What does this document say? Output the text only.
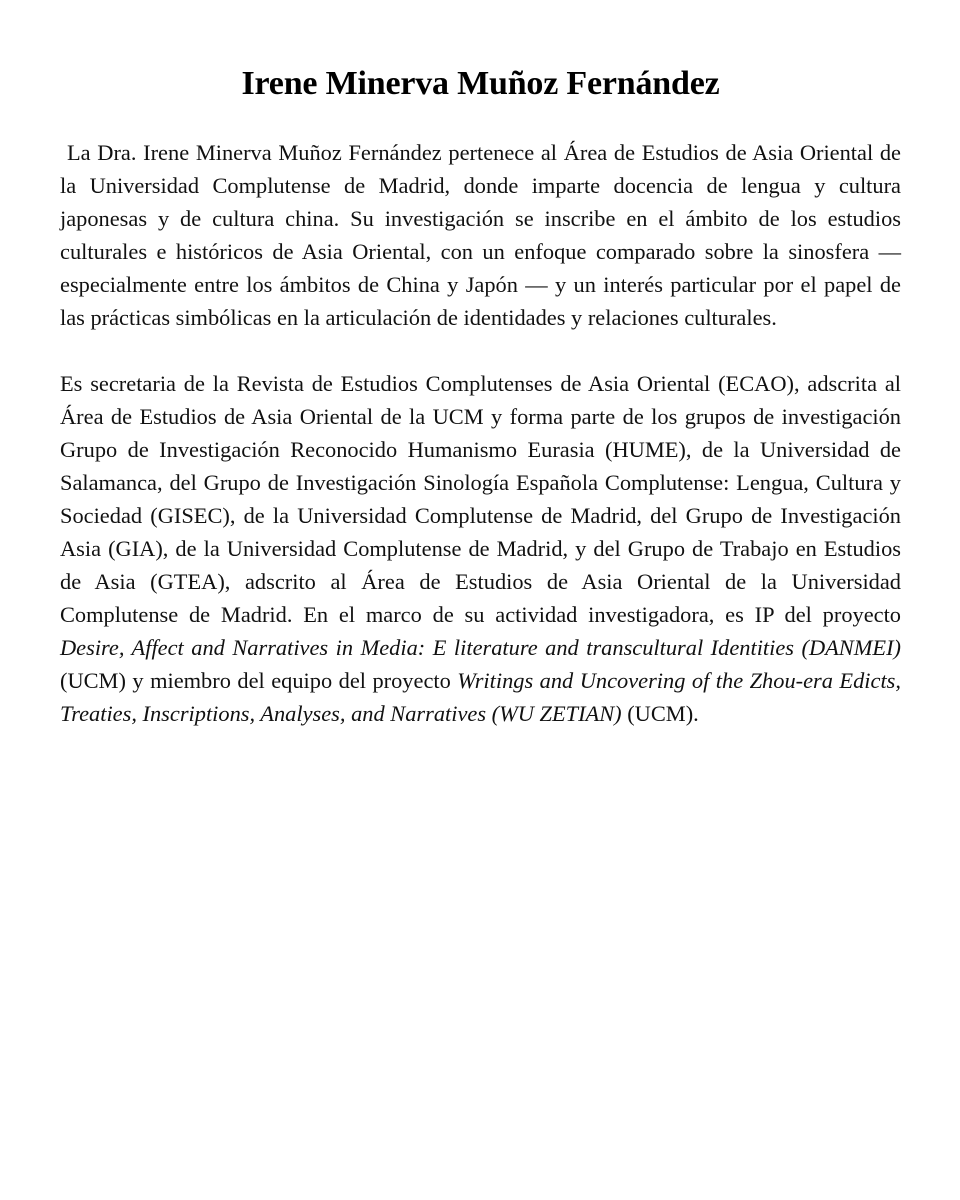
Irene Minerva Muñoz Fernández

La Dra. Irene Minerva Muñoz Fernández pertenece al Área de Estudios de Asia Oriental de la Universidad Complutense de Madrid, donde imparte docencia de lengua y cultura japonesas y de cultura china. Su investigación se inscribe en el ámbito de los estudios culturales e históricos de Asia Oriental, con un enfoque comparado sobre la sinosfera —especialmente entre los ámbitos de China y Japón — y un interés particular por el papel de las prácticas simbólicas en la articulación de identidades y relaciones culturales.

Es secretaria de la Revista de Estudios Complutenses de Asia Oriental (ECAO), adscrita al Área de Estudios de Asia Oriental de la UCM y forma parte de los grupos de investigación Grupo de Investigación Reconocido Humanismo Eurasia (HUME), de la Universidad de Salamanca, del Grupo de Investigación Sinología Española Complutense: Lengua, Cultura y Sociedad (GISEC), de la Universidad Complutense de Madrid, del Grupo de Investigación Asia (GIA), de la Universidad Complutense de Madrid, y del Grupo de Trabajo en Estudios de Asia (GTEA), adscrito al Área de Estudios de Asia Oriental de la Universidad Complutense de Madrid. En el marco de su actividad investigadora, es IP del proyecto Desire, Affect and Narratives in Media: E literature and transcultural Identities (DANMEI) (UCM) y miembro del equipo del proyecto Writings and Uncovering of the Zhou-era Edicts, Treaties, Inscriptions, Analyses, and Narratives (WU ZETIAN) (UCM).
